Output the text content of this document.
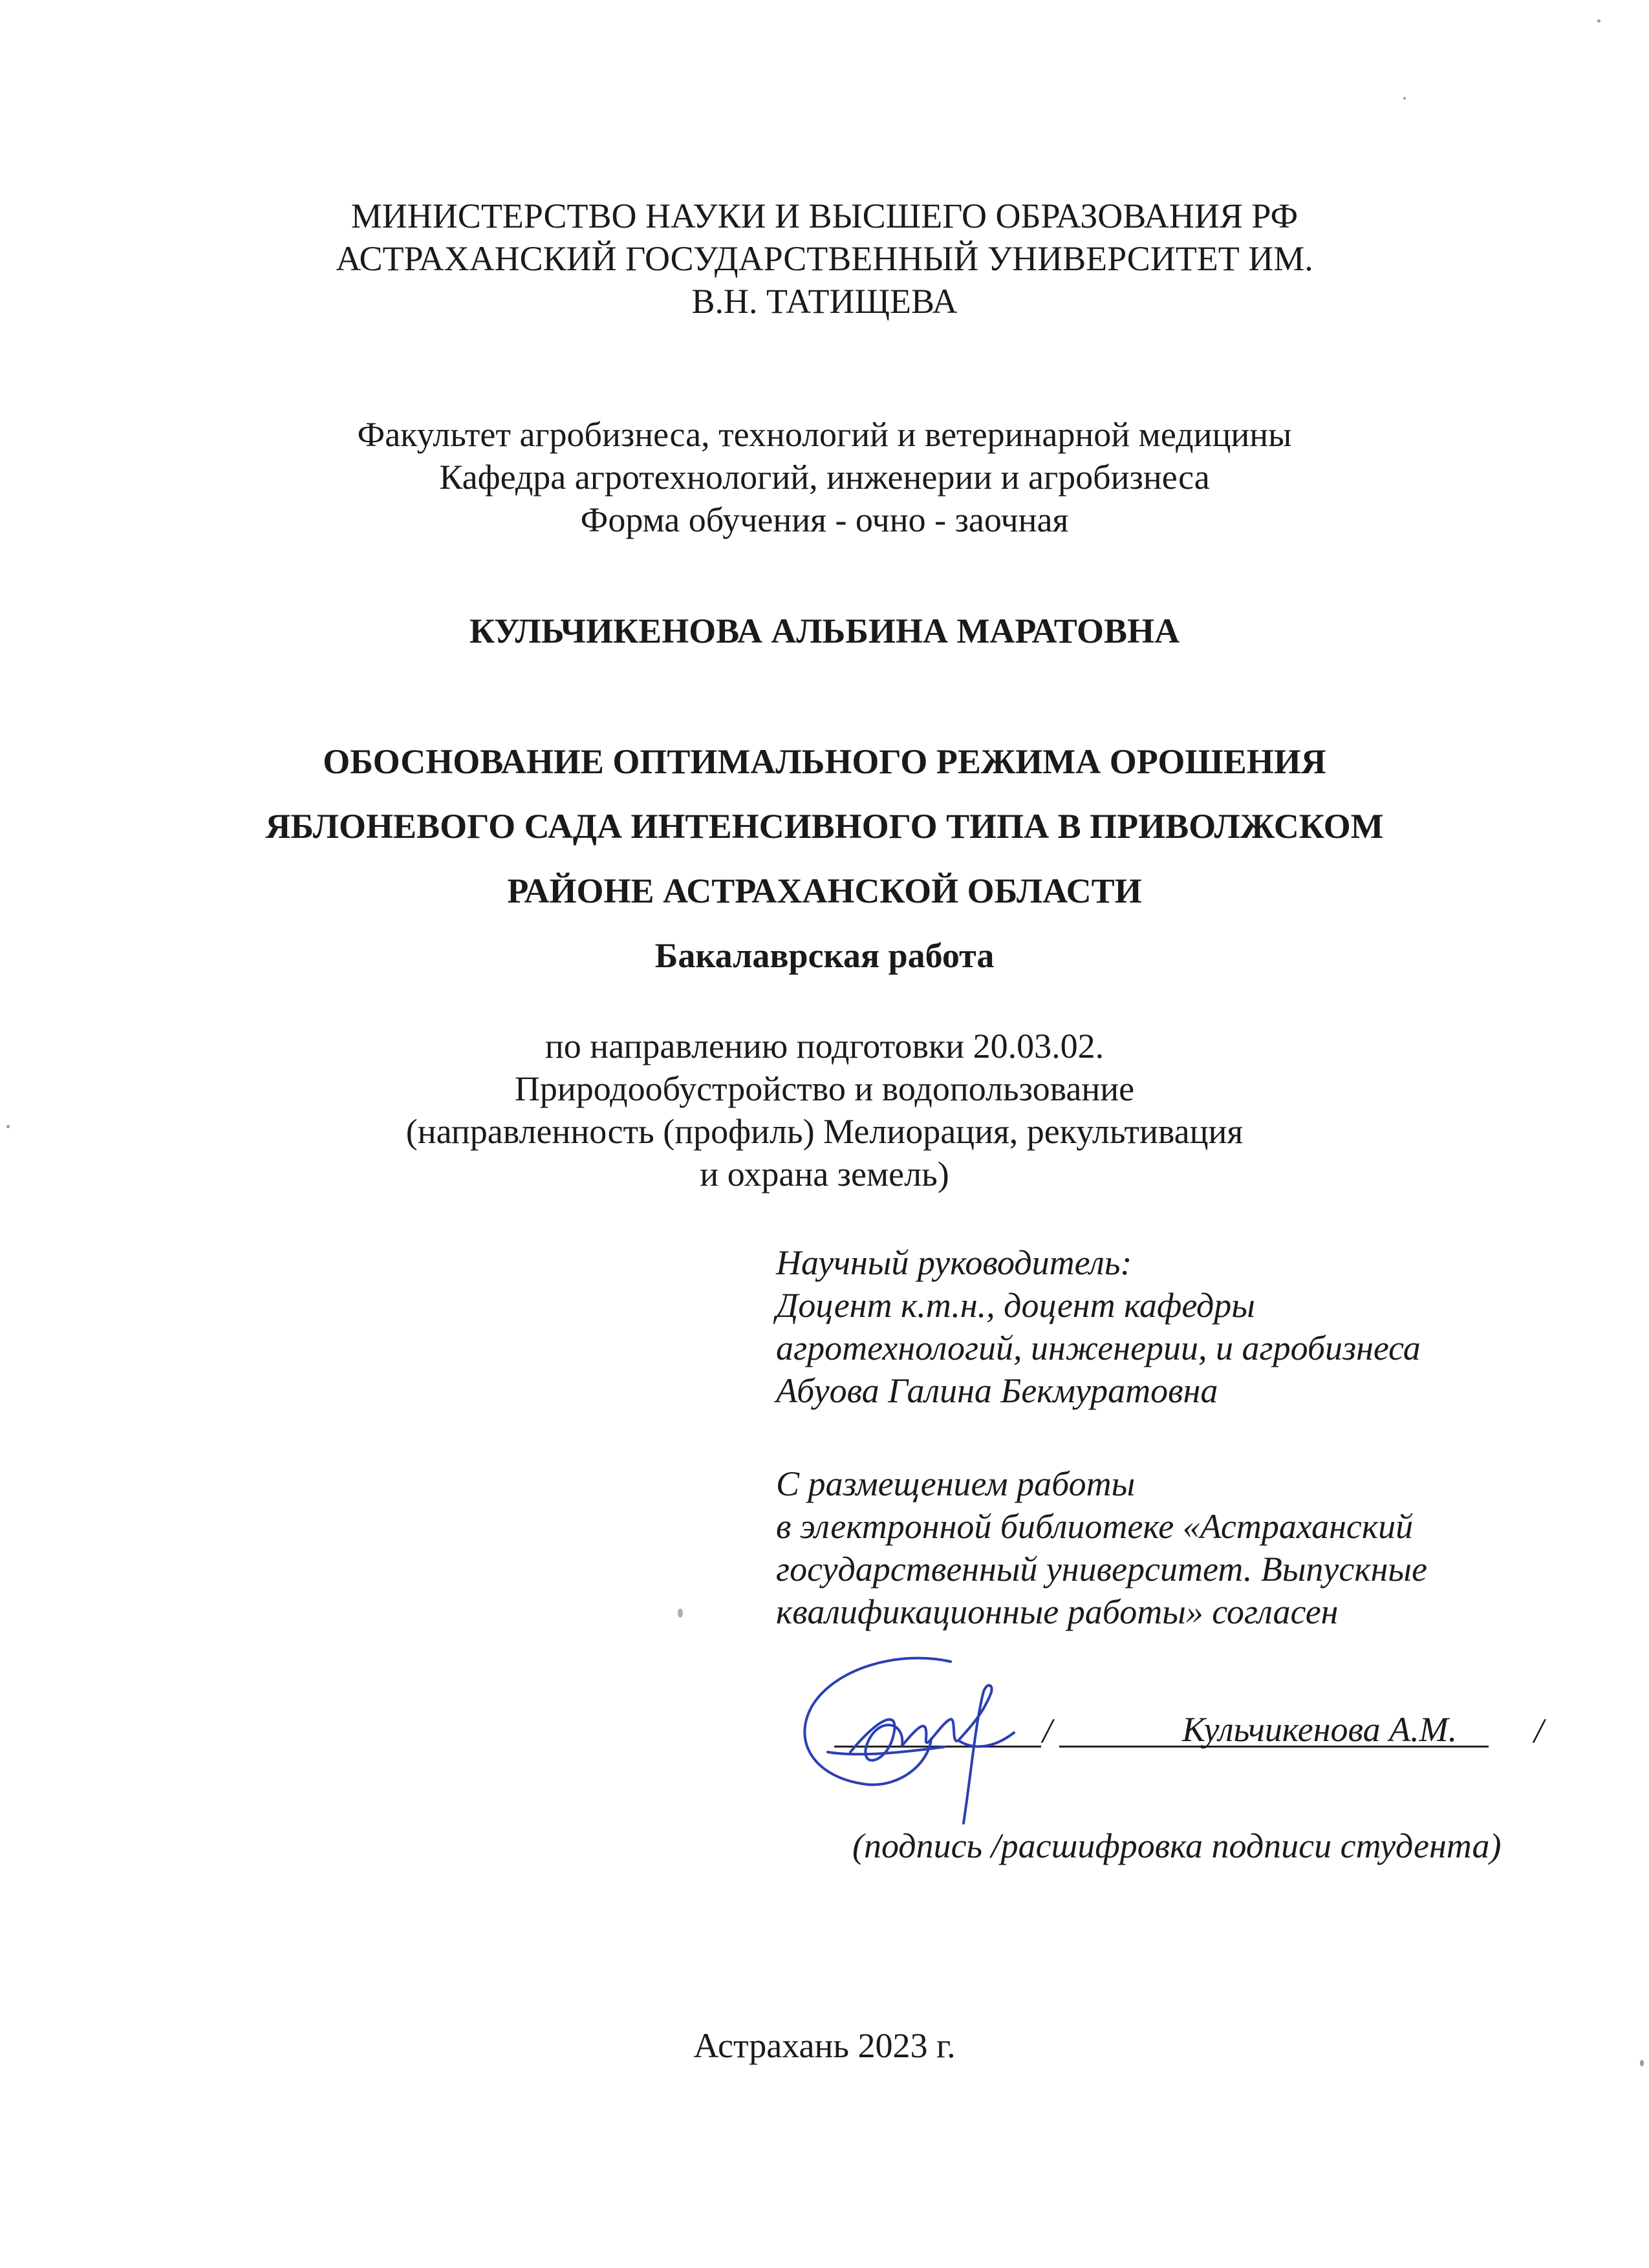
МИНИСТЕРСТВО НАУКИ И ВЫСШЕГО ОБРАЗОВАНИЯ РФ
АСТРАХАНСКИЙ ГОСУДАРСТВЕННЫЙ УНИВЕРСИТЕТ ИМ.
В.Н. ТАТИЩЕВА
Факультет агробизнеса, технологий и ветеринарной медицины
Кафедра агротехнологий, инженерии и агробизнеса
Форма обучения - очно - заочная
КУЛЬЧИКЕНОВА АЛЬБИНА МАРАТОВНА
ОБОСНОВАНИЕ ОПТИМАЛЬНОГО РЕЖИМА ОРОШЕНИЯ
ЯБЛОНЕВОГО САДА ИНТЕНСИВНОГО ТИПА В ПРИВОЛЖСКОМ
РАЙОНЕ АСТРАХАНСКОЙ ОБЛАСТИ
Бакалаврская работа
по направлению подготовки 20.03.02.
Природообустройство и водопользование
(направленность (профиль) Мелиорация, рекультивация
и охрана земель)
Научный руководитель:
Доцент к.т.н., доцент кафедры
агротехнологий, инженерии, и агробизнеса
Абуова Галина Бекмуратовна
С размещением работы
в электронной библиотеке «Астраханский
государственный университет. Выпускные
квалификационные работы» согласен
/	Кульчикенова А.М. /
(подпись /расшифровка подписи студента)
Астрахань 2023 г.
